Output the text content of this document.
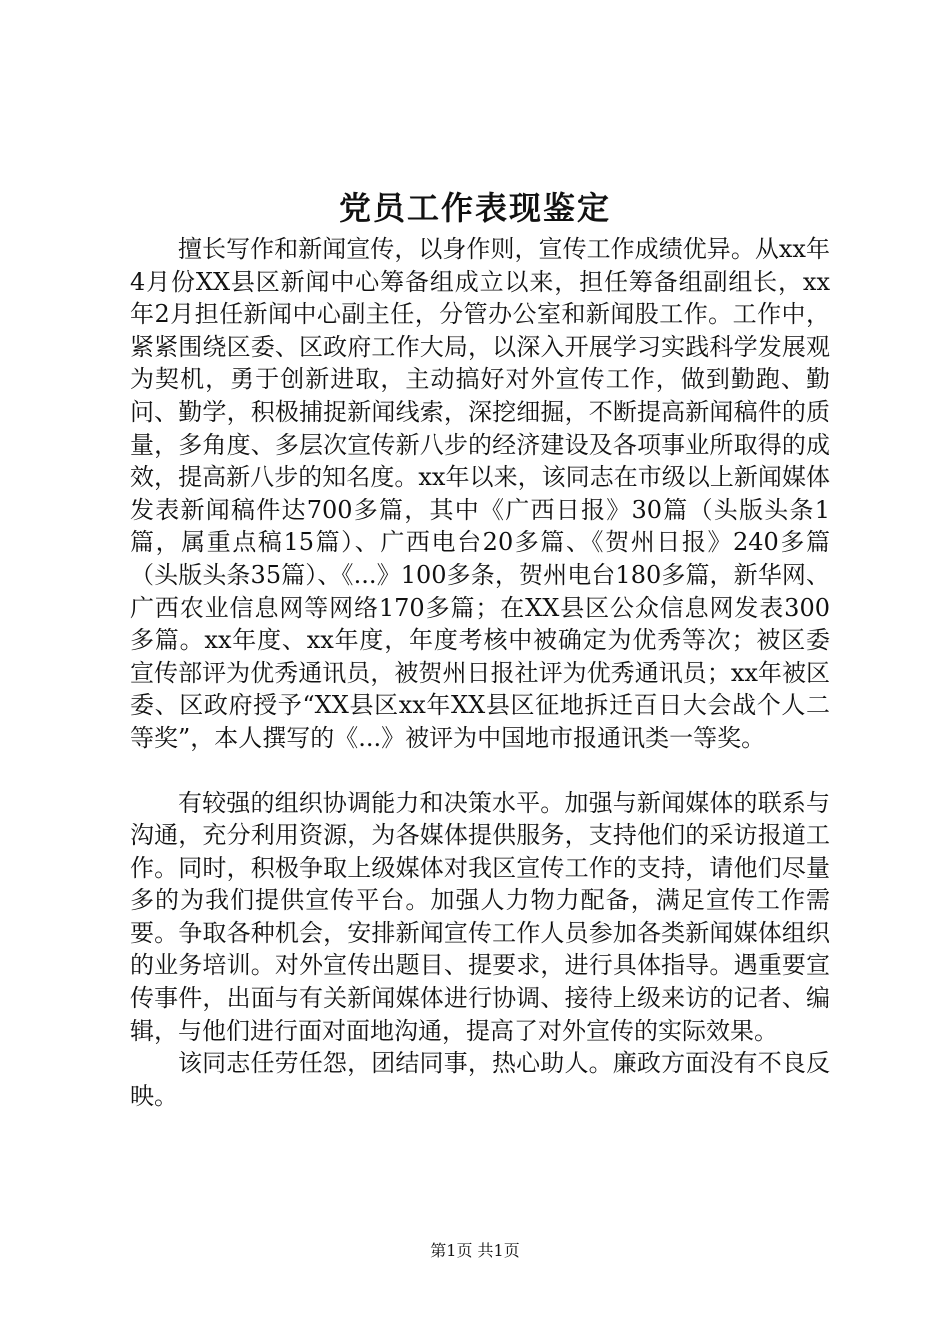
党员工作表现鉴定

擅长写作和新闻宣传，以身作则，宣传工作成绩优异。从xx年4月份XX县区新闻中心筹备组成立以来，担任筹备组副组长，xx年2月担任新闻中心副主任，分管办公室和新闻股工作。工作中，紧紧围绕区委、区政府工作大局，以深入开展学习实践科学发展观为契机，勇于创新进取，主动搞好对外宣传工作，做到勤跑、勤问、勤学，积极捕捉新闻线索，深挖细掘，不断提高新闻稿件的质量，多角度、多层次宣传新八步的经济建设及各项事业所取得的成效，提高新八步的知名度。xx年以来，该同志在市级以上新闻媒体发表新闻稿件达700多篇，其中《广西日报》30篇（头版头条1篇，属重点稿15篇）、广西电台20多篇、《贺州日报》240多篇（头版头条35篇）、《...》100多条，贺州电台180多篇，新华网、广西农业信息网等网络170多篇；在XX县区公众信息网发表300多篇。xx年度、xx年度，年度考核中被确定为优秀等次；被区委宣传部评为优秀通讯员，被贺州日报社评为优秀通讯员；xx年被区委、区政府授予“XX县区xx年XX县区征地拆迁百日大会战个人二等奖”，本人撰写的《...》被评为中国地市报通讯类一等奖。

有较强的组织协调能力和决策水平。加强与新闻媒体的联系与沟通，充分利用资源，为各媒体提供服务，支持他们的采访报道工作。同时，积极争取上级媒体对我区宣传工作的支持，请他们尽量多的为我们提供宣传平台。加强人力物力配备，满足宣传工作需要。争取各种机会，安排新闻宣传工作人员参加各类新闻媒体组织的业务培训。对外宣传出题目、提要求，进行具体指导。遇重要宣传事件，出面与有关新闻媒体进行协调、接待上级来访的记者、编辑，与他们进行面对面地沟通，提高了对外宣传的实际效果。

该同志任劳任怨，团结同事，热心助人。廉政方面没有不良反映。

第1页 共1页
